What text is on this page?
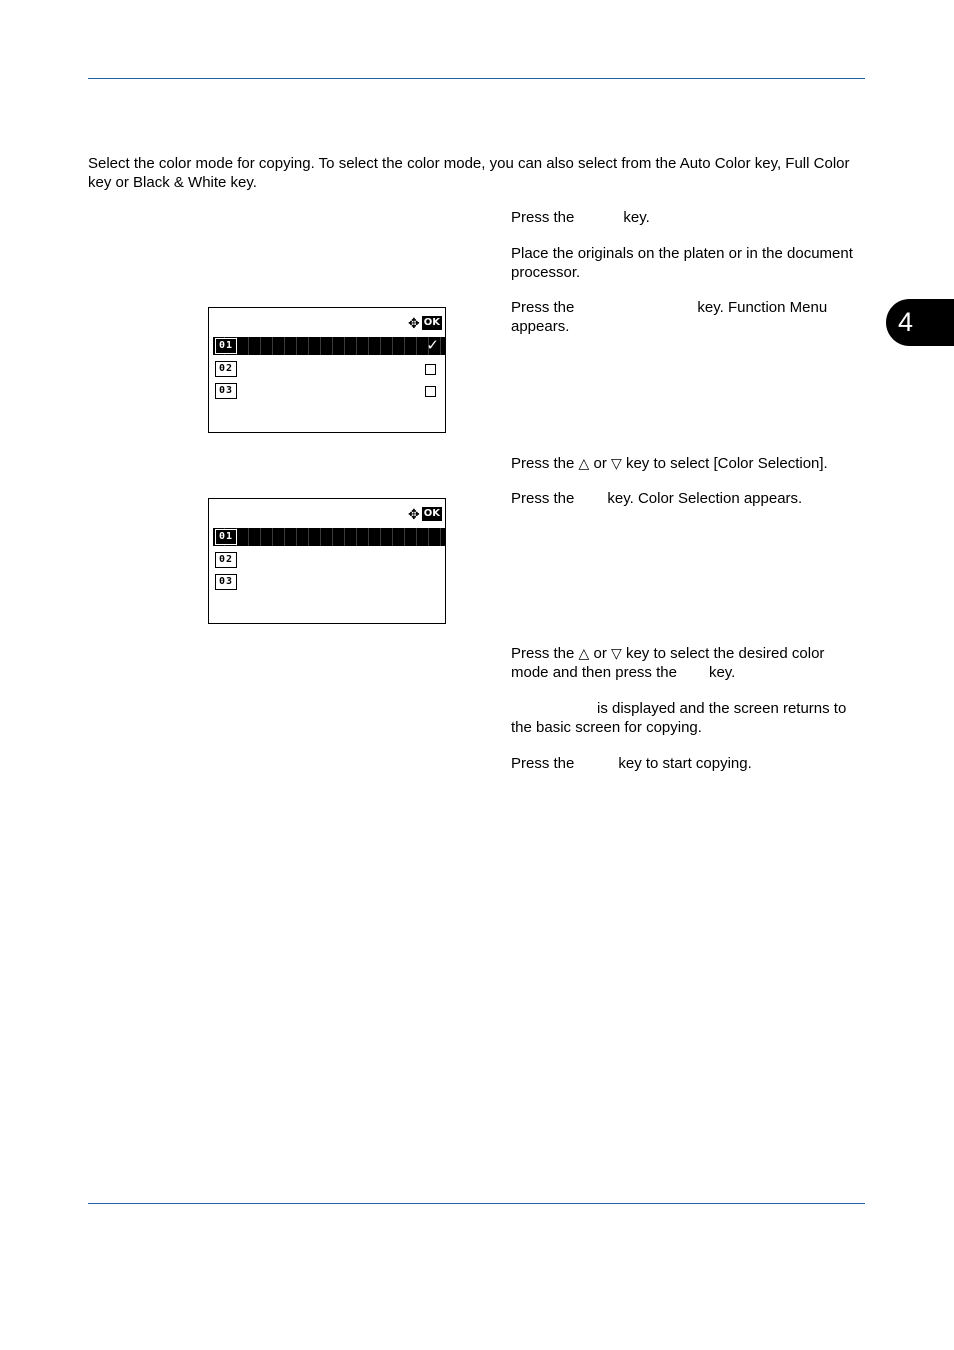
4

Select the color mode for copying. To select the color mode, you can also select from the Auto Color key, Full Color key or Black & White key.

Press the	key.

Place the originals on the platen or in the document processor.

Press the	key. Function Menu appears.

✥ OK
01	✓
02
03

Press the △ or ▽ key to select [Color Selection].

Press the key. Color Selection appears.

✥ OK
01
02
03

Press the △ or ▽ key to select the desired color mode and then press the key.

is displayed and the screen returns to the basic screen for copying.

Press the	key to start copying.
